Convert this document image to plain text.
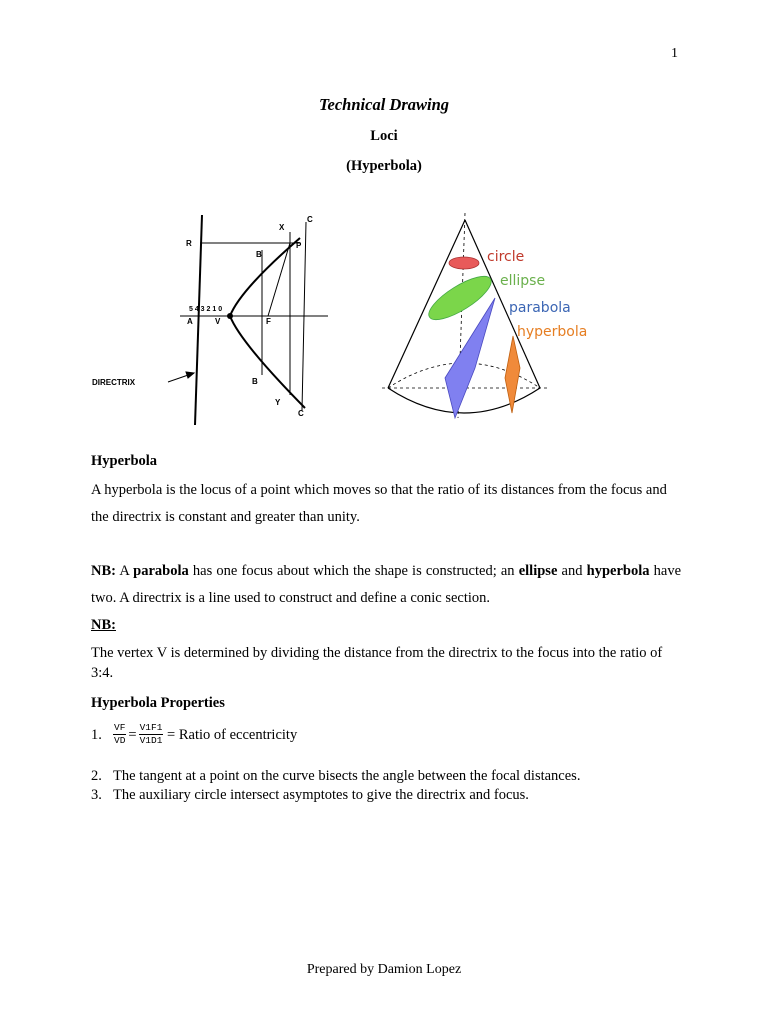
1
Technical Drawing
Loci
(Hyperbola)
C
X
R
B
P
5 4 3 2 1 0
A	V	F
DIRECTRIX	B
Y
C
circle
ellipse
parabola
hyperbola
Hyperbola
A hyperbola is the locus of a point which moves so that the ratio of its distances from the focus and the directrix is constant and greater than unity.
NB: A parabola has one focus about which the shape is constructed; an ellipse and hyperbola have two. A directrix is a line used to construct and define a conic section.
NB:
The vertex V is determined by dividing the distance from the directrix to the focus into the ratio of 3:4.
Hyperbola Properties
1.	$\frac{VF}{VD} = \frac{V1F1}{V1D1}$ = Ratio of eccentricity
2. The tangent at a point on the curve bisects the angle between the focal distances.
3. The auxiliary circle intersect asymptotes to give the directrix and focus.
Prepared by Damion Lopez
